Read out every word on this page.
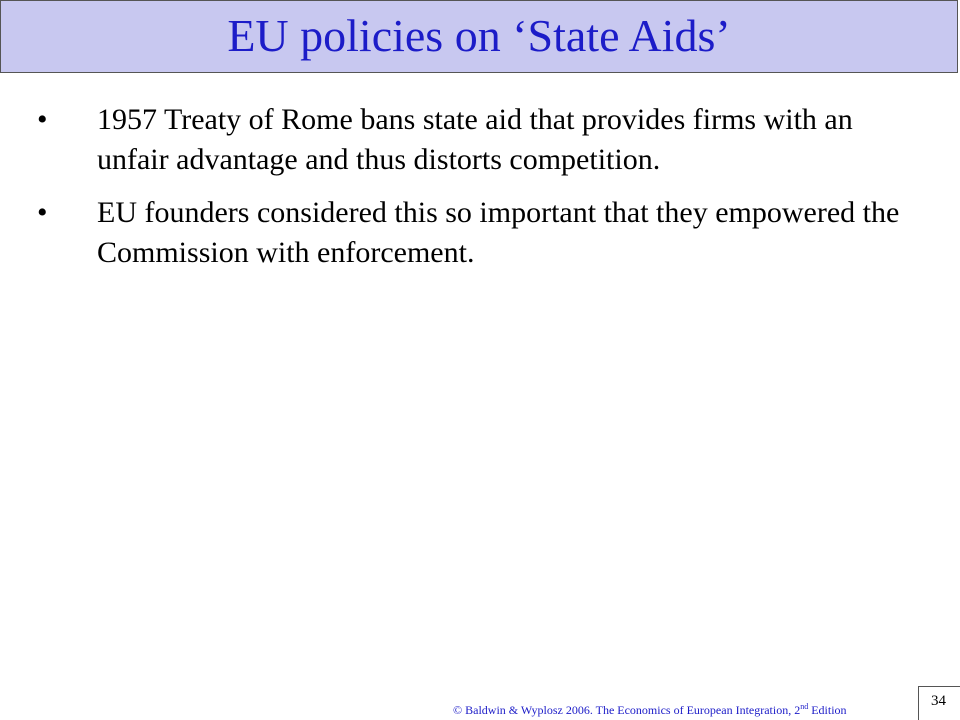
EU policies on ‘State Aids’
• 1957 Treaty of Rome bans state aid that provides firms with an unfair advantage and thus distorts competition.
• EU founders considered this so important that they empowered the Commission with enforcement.
© Baldwin & Wyplosz 2006. The Economics of European Integration, 2nd Edition
34
